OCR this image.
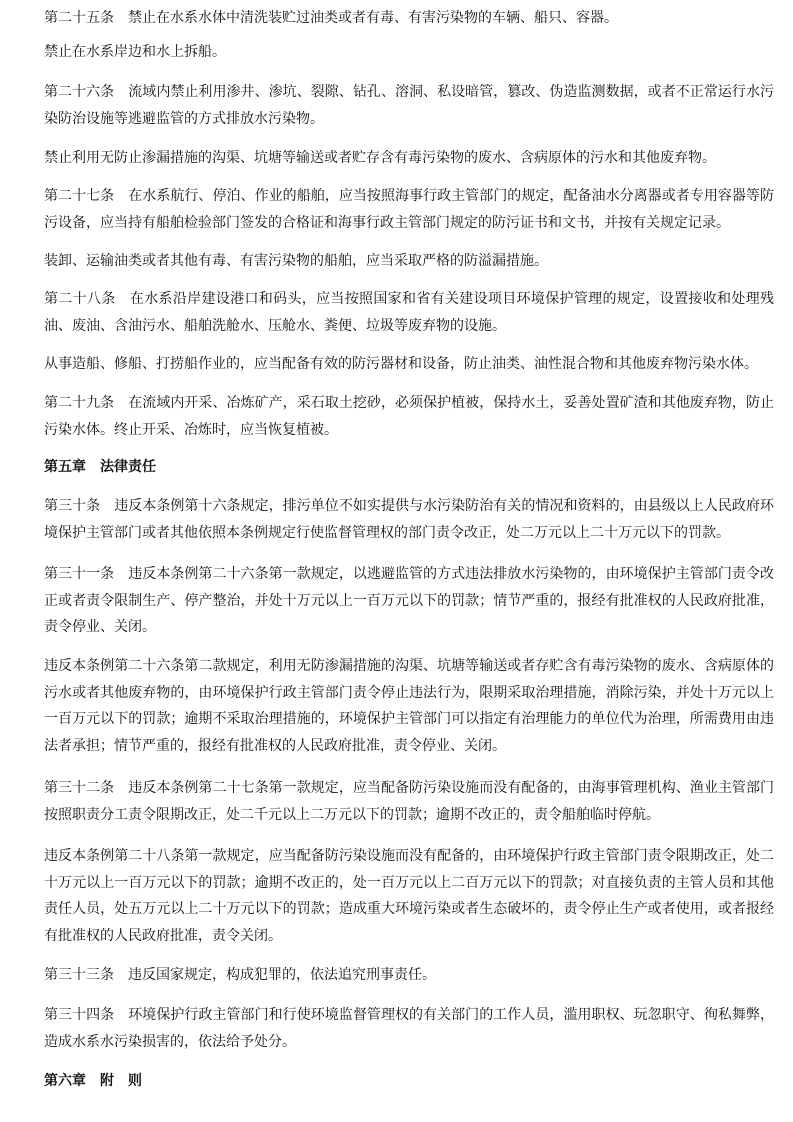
第二十五条　禁止在水系水体中清洗装贮过油类或者有毒、有害污染物的车辆、船只、容器。

禁止在水系岸边和水上拆船。

第二十六条　流域内禁止利用渗井、渗坑、裂隙、钻孔、溶洞、私设暗管，篡改、伪造监测数据，或者不正常运行水污染防治设施等逃避监管的方式排放水污染物。

禁止利用无防止渗漏措施的沟渠、坑塘等输送或者贮存含有毒污染物的废水、含病原体的污水和其他废弃物。

第二十七条　在水系航行、停泊、作业的船舶，应当按照海事行政主管部门的规定，配备油水分离器或者专用容器等防污设备，应当持有船舶检验部门签发的合格证和海事行政主管部门规定的防污证书和文书，并按有关规定记录。

装卸、运输油类或者其他有毒、有害污染物的船舶，应当采取严格的防溢漏措施。

第二十八条　在水系沿岸建设港口和码头，应当按照国家和省有关建设项目环境保护管理的规定，设置接收和处理残油、废油、含油污水、船舶洗舱水、压舱水、粪便、垃圾等废弃物的设施。

从事造船、修船、打捞船作业的，应当配备有效的防污器材和设备，防止油类、油性混合物和其他废弃物污染水体。

第二十九条　在流域内开采、冶炼矿产，采石取土挖砂，必须保护植被，保持水土，妥善处置矿渣和其他废弃物，防止污染水体。终止开采、冶炼时，应当恢复植被。

第五章　法律责任

第三十条　违反本条例第十六条规定，排污单位不如实提供与水污染防治有关的情况和资料的，由县级以上人民政府环境保护主管部门或者其他依照本条例规定行使监督管理权的部门责令改正，处二万元以上二十万元以下的罚款。

第三十一条　违反本条例第二十六条第一款规定，以逃避监管的方式违法排放水污染物的，由环境保护主管部门责令改正或者责令限制生产、停产整治，并处十万元以上一百万元以下的罚款；情节严重的，报经有批准权的人民政府批准，责令停业、关闭。

违反本条例第二十六条第二款规定，利用无防渗漏措施的沟渠、坑塘等输送或者存贮含有毒污染物的废水、含病原体的污水或者其他废弃物的，由环境保护行政主管部门责令停止违法行为，限期采取治理措施，消除污染，并处十万元以上一百万元以下的罚款；逾期不采取治理措施的，环境保护主管部门可以指定有治理能力的单位代为治理，所需费用由违法者承担；情节严重的，报经有批准权的人民政府批准，责令停业、关闭。

第三十二条　违反本条例第二十七条第一款规定，应当配备防污染设施而没有配备的，由海事管理机构、渔业主管部门按照职责分工责令限期改正，处二千元以上二万元以下的罚款；逾期不改正的，责令船舶临时停航。

违反本条例第二十八条第一款规定，应当配备防污染设施而没有配备的，由环境保护行政主管部门责令限期改正，处二十万元以上一百万元以下的罚款；逾期不改正的，处一百万元以上二百万元以下的罚款；对直接负责的主管人员和其他责任人员，处五万元以上二十万元以下的罚款；造成重大环境污染或者生态破坏的，责令停止生产或者使用，或者报经有批准权的人民政府批准，责令关闭。

第三十三条　违反国家规定，构成犯罪的，依法追究刑事责任。

第三十四条　环境保护行政主管部门和行使环境监督管理权的有关部门的工作人员，滥用职权、玩忽职守、徇私舞弊，造成水系水污染损害的，依法给予处分。

第六章　附　则
